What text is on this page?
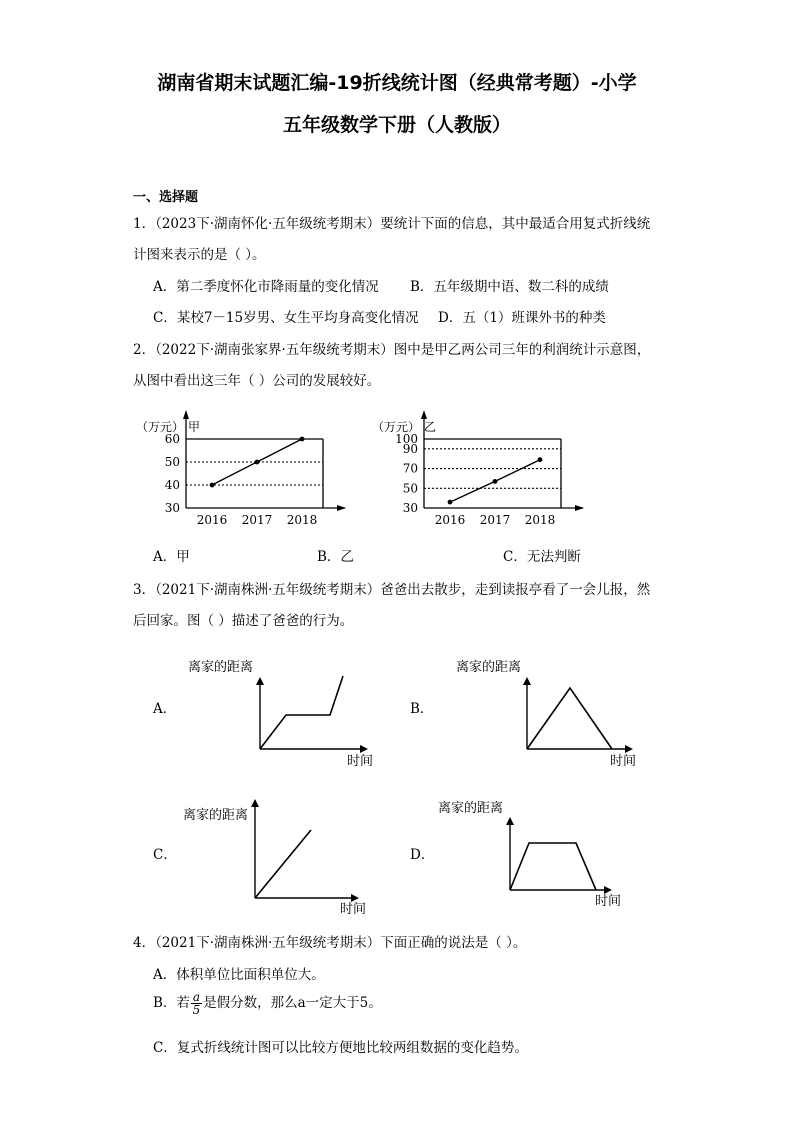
湖南省期末试题汇编-19折线统计图（经典常考题）-小学
五年级数学下册（人教版）
一、选择题
1．（2023下·湖南怀化·五年级统考期末）要统计下面的信息，其中最适合用复式折线统
计图来表示的是（ ）。
A．第二季度怀化市降雨量的变化情况 B．五年级期中语、数二科的成绩
C．某校7－15岁男、女生平均身高变化情况 D．五（1）班课外书的种类
2．（2022下·湖南张家界·五年级统考期末）图中是甲乙两公司三年的利润统计示意图，
从图中看出这三年（ ）公司的发展较好。
（万元） 甲
30
40
50
60
2016 2017 2018
（万元） 乙
30
50
70
90
100
2016 2017 2018
A．甲	B．乙	C．无法判断
3．（2021下·湖南株洲·五年级统考期末）爸爸出去散步，走到读报亭看了一会儿报，然
后回家。图（ ）描述了爸爸的行为。
A．
离家的距离
时间
B．
离家的距离
时间
C．
离家的距离
时间
D．
离家的距离
时间
4．（2021下·湖南株洲·五年级统考期末）下面正确的说法是（ ）。
A．体积单位比面积单位大。
B．若 $\frac{a}{5}$ 是假分数，那么a一定大于5。
C．复式折线统计图可以比较方便地比较两组数据的变化趋势。
